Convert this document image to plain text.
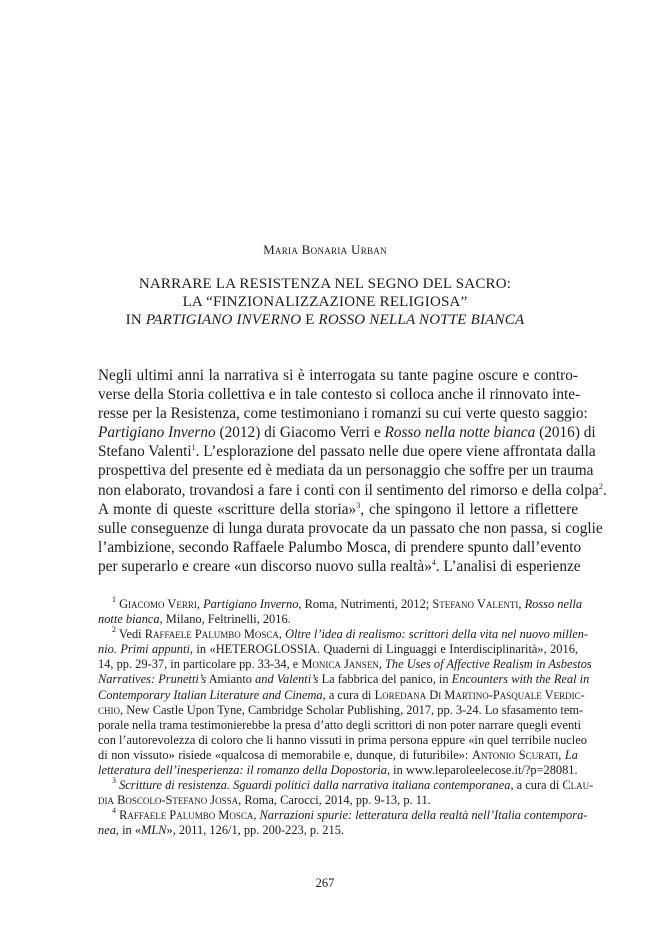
Maria Bonaria Urban
NARRARE LA RESISTENZA NEL SEGNO DEL SACRO:
LA “FINZIONALIZZAZIONE RELIGIOSA”
IN PARTIGIANO INVERNO E ROSSO NELLA NOTTE BIANCA
Negli ultimi anni la narrativa si è interrogata su tante pagine oscure e contro-
verse della Storia collettiva e in tale contesto si colloca anche il rinnovato inte-
resse per la Resistenza, come testimoniano i romanzi su cui verte questo saggio:
Partigiano Inverno (2012) di Giacomo Verri e Rosso nella notte bianca (2016) di
Stefano Valenti$^1$. L’esplorazione del passato nelle due opere viene affrontata dalla
prospettiva del presente ed è mediata da un personaggio che soffre per un trauma
non elaborato, trovandosi a fare i conti con il sentimento del rimorso e della colpa$^2$.
A monte di queste «scritture della storia»$^3$, che spingono il lettore a riflettere
sulle conseguenze di lunga durata provocate da un passato che non passa, si coglie
l’ambizione, secondo Raffaele Palumbo Mosca, di prendere spunto dall’evento
per superarlo e creare «un discorso nuovo sulla realtà»$^4$. L’analisi di esperienze
$^1$ Giacomo Verri, Partigiano Inverno, Roma, Nutrimenti, 2012; Stefano Valenti, Rosso nella
notte bianca, Milano, Feltrinelli, 2016.
$^2$ Vedi Raffaele Palumbo Mosca, Oltre l’idea di realismo: scrittori della vita nel nuovo millen-
nio. Primi appunti, in «HETEROGLOSSIA. Quaderni di Linguaggi e Interdisciplinarità», 2016,
14, pp. 29-37, in particolare pp. 33-34, e Monica Jansen, The Uses of Affective Realism in Asbestos
Narratives: Prunetti’s Amianto and Valenti’s La fabbrica del panico, in Encounters with the Real in
Contemporary Italian Literature and Cinema, a cura di Loredana Di Martino-Pasquale Verdic-
chio, New Castle Upon Tyne, Cambridge Scholar Publishing, 2017, pp. 3-24. Lo sfasamento tem-
porale nella trama testimonierebbe la presa d’atto degli scrittori di non poter narrare quegli eventi
con l’autorevolezza di coloro che li hanno vissuti in prima persona eppure «in quel terribile nucleo
di non vissuto» risiede «qualcosa di memorabile e, dunque, di futuribile»: Antonio Scurati, La
letteratura dell’inesperienza: il romanzo della Dopostoria, in www.leparoleelecose.it/?p=28081.
$^3$ Scritture di resistenza. Sguardi politici dalla narrativa italiana contemporanea, a cura di Clau-
dia Boscolo-Stefano Jossa, Roma, Carocci, 2014, pp. 9-13, p. 11.
$^4$ Raffaele Palumbo Mosca, Narrazioni spurie: letteratura della realtà nell’Italia contempora-
nea, in «MLN», 2011, 126/1, pp. 200-223, p. 215.
267
